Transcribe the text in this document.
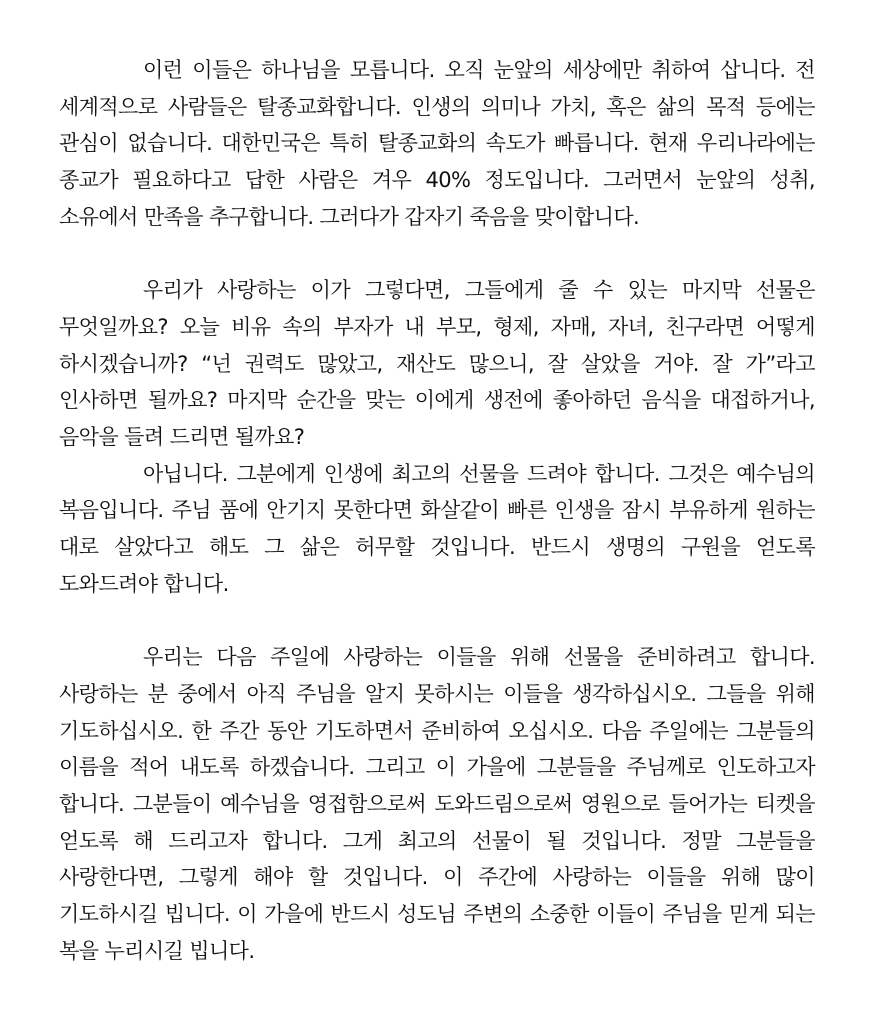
이런 이들은 하나님을 모릅니다. 오직 눈앞의 세상에만 취하여 삽니다. 전 세계적으로 사람들은 탈종교화합니다. 인생의 의미나 가치, 혹은 삶의 목적 등에는 관심이 없습니다. 대한민국은 특히 탈종교화의 속도가 빠릅니다. 현재 우리나라에는 종교가 필요하다고 답한 사람은 겨우 40% 정도입니다. 그러면서 눈앞의 성취, 소유에서 만족을 추구합니다. 그러다가 갑자기 죽음을 맞이합니다.

우리가 사랑하는 이가 그렇다면, 그들에게 줄 수 있는 마지막 선물은 무엇일까요? 오늘 비유 속의 부자가 내 부모, 형제, 자매, 자녀, 친구라면 어떻게 하시겠습니까? “넌 권력도 많았고, 재산도 많으니, 잘 살았을 거야. 잘 가”라고 인사하면 될까요? 마지막 순간을 맞는 이에게 생전에 좋아하던 음식을 대접하거나, 음악을 들려 드리면 될까요?

아닙니다. 그분에게 인생에 최고의 선물을 드려야 합니다. 그것은 예수님의 복음입니다. 주님 품에 안기지 못한다면 화살같이 빠른 인생을 잠시 부유하게 원하는 대로 살았다고 해도 그 삶은 허무할 것입니다. 반드시 생명의 구원을 얻도록 도와드려야 합니다.

우리는 다음 주일에 사랑하는 이들을 위해 선물을 준비하려고 합니다. 사랑하는 분 중에서 아직 주님을 알지 못하시는 이들을 생각하십시오. 그들을 위해 기도하십시오. 한 주간 동안 기도하면서 준비하여 오십시오. 다음 주일에는 그분들의 이름을 적어 내도록 하겠습니다. 그리고 이 가을에 그분들을 주님께로 인도하고자 합니다. 그분들이 예수님을 영접함으로써 도와드림으로써 영원으로 들어가는 티켓을 얻도록 해 드리고자 합니다. 그게 최고의 선물이 될 것입니다. 정말 그분들을 사랑한다면, 그렇게 해야 할 것입니다. 이 주간에 사랑하는 이들을 위해 많이 기도하시길 빕니다. 이 가을에 반드시 성도님 주변의 소중한 이들이 주님을 믿게 되는 복을 누리시길 빕니다.
